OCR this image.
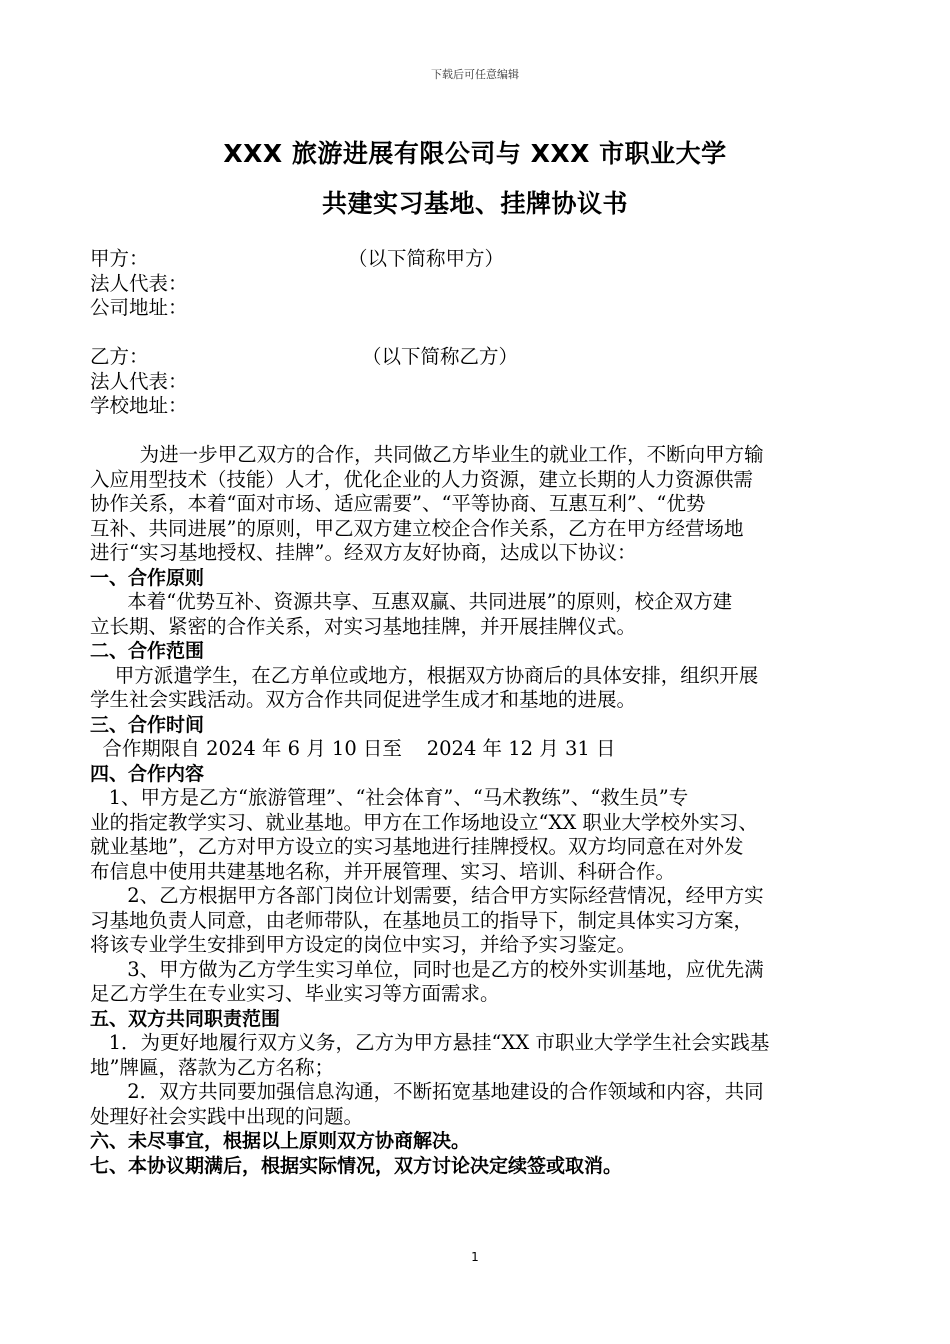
下载后可任意编辑
XXX 旅游进展有限公司与 XXX 市职业大学
共建实习基地、挂牌协议书
甲方：	（以下简称甲方）
法人代表：
公司地址：
乙方：	（以下简称乙方）
法人代表：
学校地址：
为进一步甲乙双方的合作，共同做乙方毕业生的就业工作，不断向甲方输
入应用型技术（技能）人才，优化企业的人力资源，建立长期的人力资源供需
协作关系，本着“面对市场、适应需要”、“平等协商、互惠互利”、“优势
互补、共同进展”的原则，甲乙双方建立校企合作关系，乙方在甲方经营场地
进行“实习基地授权、挂牌”。经双方友好协商，达成以下协议：
一、合作原则
本着“优势互补、资源共享、互惠双赢、共同进展”的原则，校企双方建
立长期、紧密的合作关系，对实习基地挂牌，并开展挂牌仪式。
二、合作范围
甲方派遣学生，在乙方单位或地方，根据双方协商后的具体安排，组织开展
学生社会实践活动。双方合作共同促进学生成才和基地的进展。
三、合作时间
合作期限自 2024 年 6 月 10 日至    2024 年 12 月 31 日
四、合作内容
1、甲方是乙方“旅游管理”、“社会体育”、“马术教练”、“救生员”专
业的指定教学实习、就业基地。甲方在工作场地设立“XX 职业大学校外实习、
就业基地”，乙方对甲方设立的实习基地进行挂牌授权。双方均同意在对外发
布信息中使用共建基地名称，并开展管理、实习、培训、科研合作。
2、乙方根据甲方各部门岗位计划需要，结合甲方实际经营情况，经甲方实
习基地负责人同意，由老师带队，在基地员工的指导下，制定具体实习方案，
将该专业学生安排到甲方设定的岗位中实习，并给予实习鉴定。
3、甲方做为乙方学生实习单位，同时也是乙方的校外实训基地，应优先满
足乙方学生在专业实习、毕业实习等方面需求。
五、双方共同职责范围
1．为更好地履行双方义务，乙方为甲方悬挂“XX 市职业大学学生社会实践基
地”牌匾，落款为乙方名称；
2．双方共同要加强信息沟通，不断拓宽基地建设的合作领域和内容，共同
处理好社会实践中出现的问题。
六、未尽事宜，根据以上原则双方协商解决。
七、本协议期满后，根据实际情况，双方讨论决定续签或取消。
1
